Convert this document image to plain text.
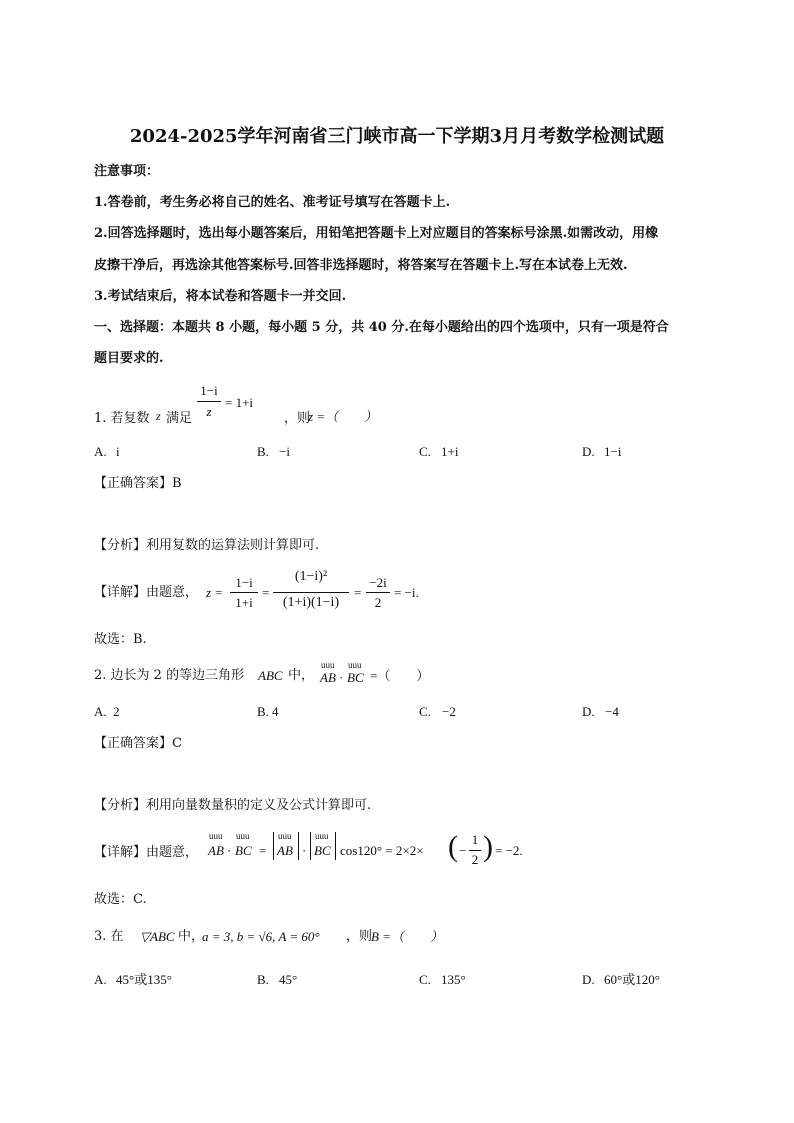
2024-2025学年河南省三门峡市高一下学期3月月考数学检测试题
注意事项：
1.答卷前，考生务必将自己的姓名、准考证号填写在答题卡上.
2.回答选择题时，选出每小题答案后，用铅笔把答题卡上对应题目的答案标号涂黑.如需改动，用橡
皮擦干净后，再选涂其他答案标号.回答非选择题时，将答案写在答题卡上.写在本试卷上无效.
3.考试结束后，将本试卷和答题卡一并交回.
一、选择题：本题共 8 小题，每小题 5 分，共 40 分.在每小题给出的四个选项中，只有一项是符合
题目要求的.
1. 若复数 z 满足
1−i
z
= 1+i
，则
z =（　　）
A. i	B. −i	C. 1+i	D. 1−i
【正确答案】B
【分析】利用复数的运算法则计算即可.
【详解】由题意， z =
1−i
1+i
=
(1−i)²
(1+i)(1−i)
=
−2i
2
= −i.
故选：B.
2. 边长为 2 的等边三角形 ABC 中，
uuu
AB ·
uuu
BC =（　　）
A. 2	B. 4	C. −2	D. −4
【正确答案】C
【分析】利用向量数量积的定义及公式计算即可.
【详解】由题意，
uuu
AB ·
uuu
BC =
uuu
AB ·
uuu
BC cos120° = 2×2× ( −
1
2 ) = −2.
故选：C.
3. 在 ▽ABC 中，
a = 3, b = √6, A = 60° ，则
B =（　　）
A. 45°或135°	B. 45°	C. 135°	D. 60°或120°
